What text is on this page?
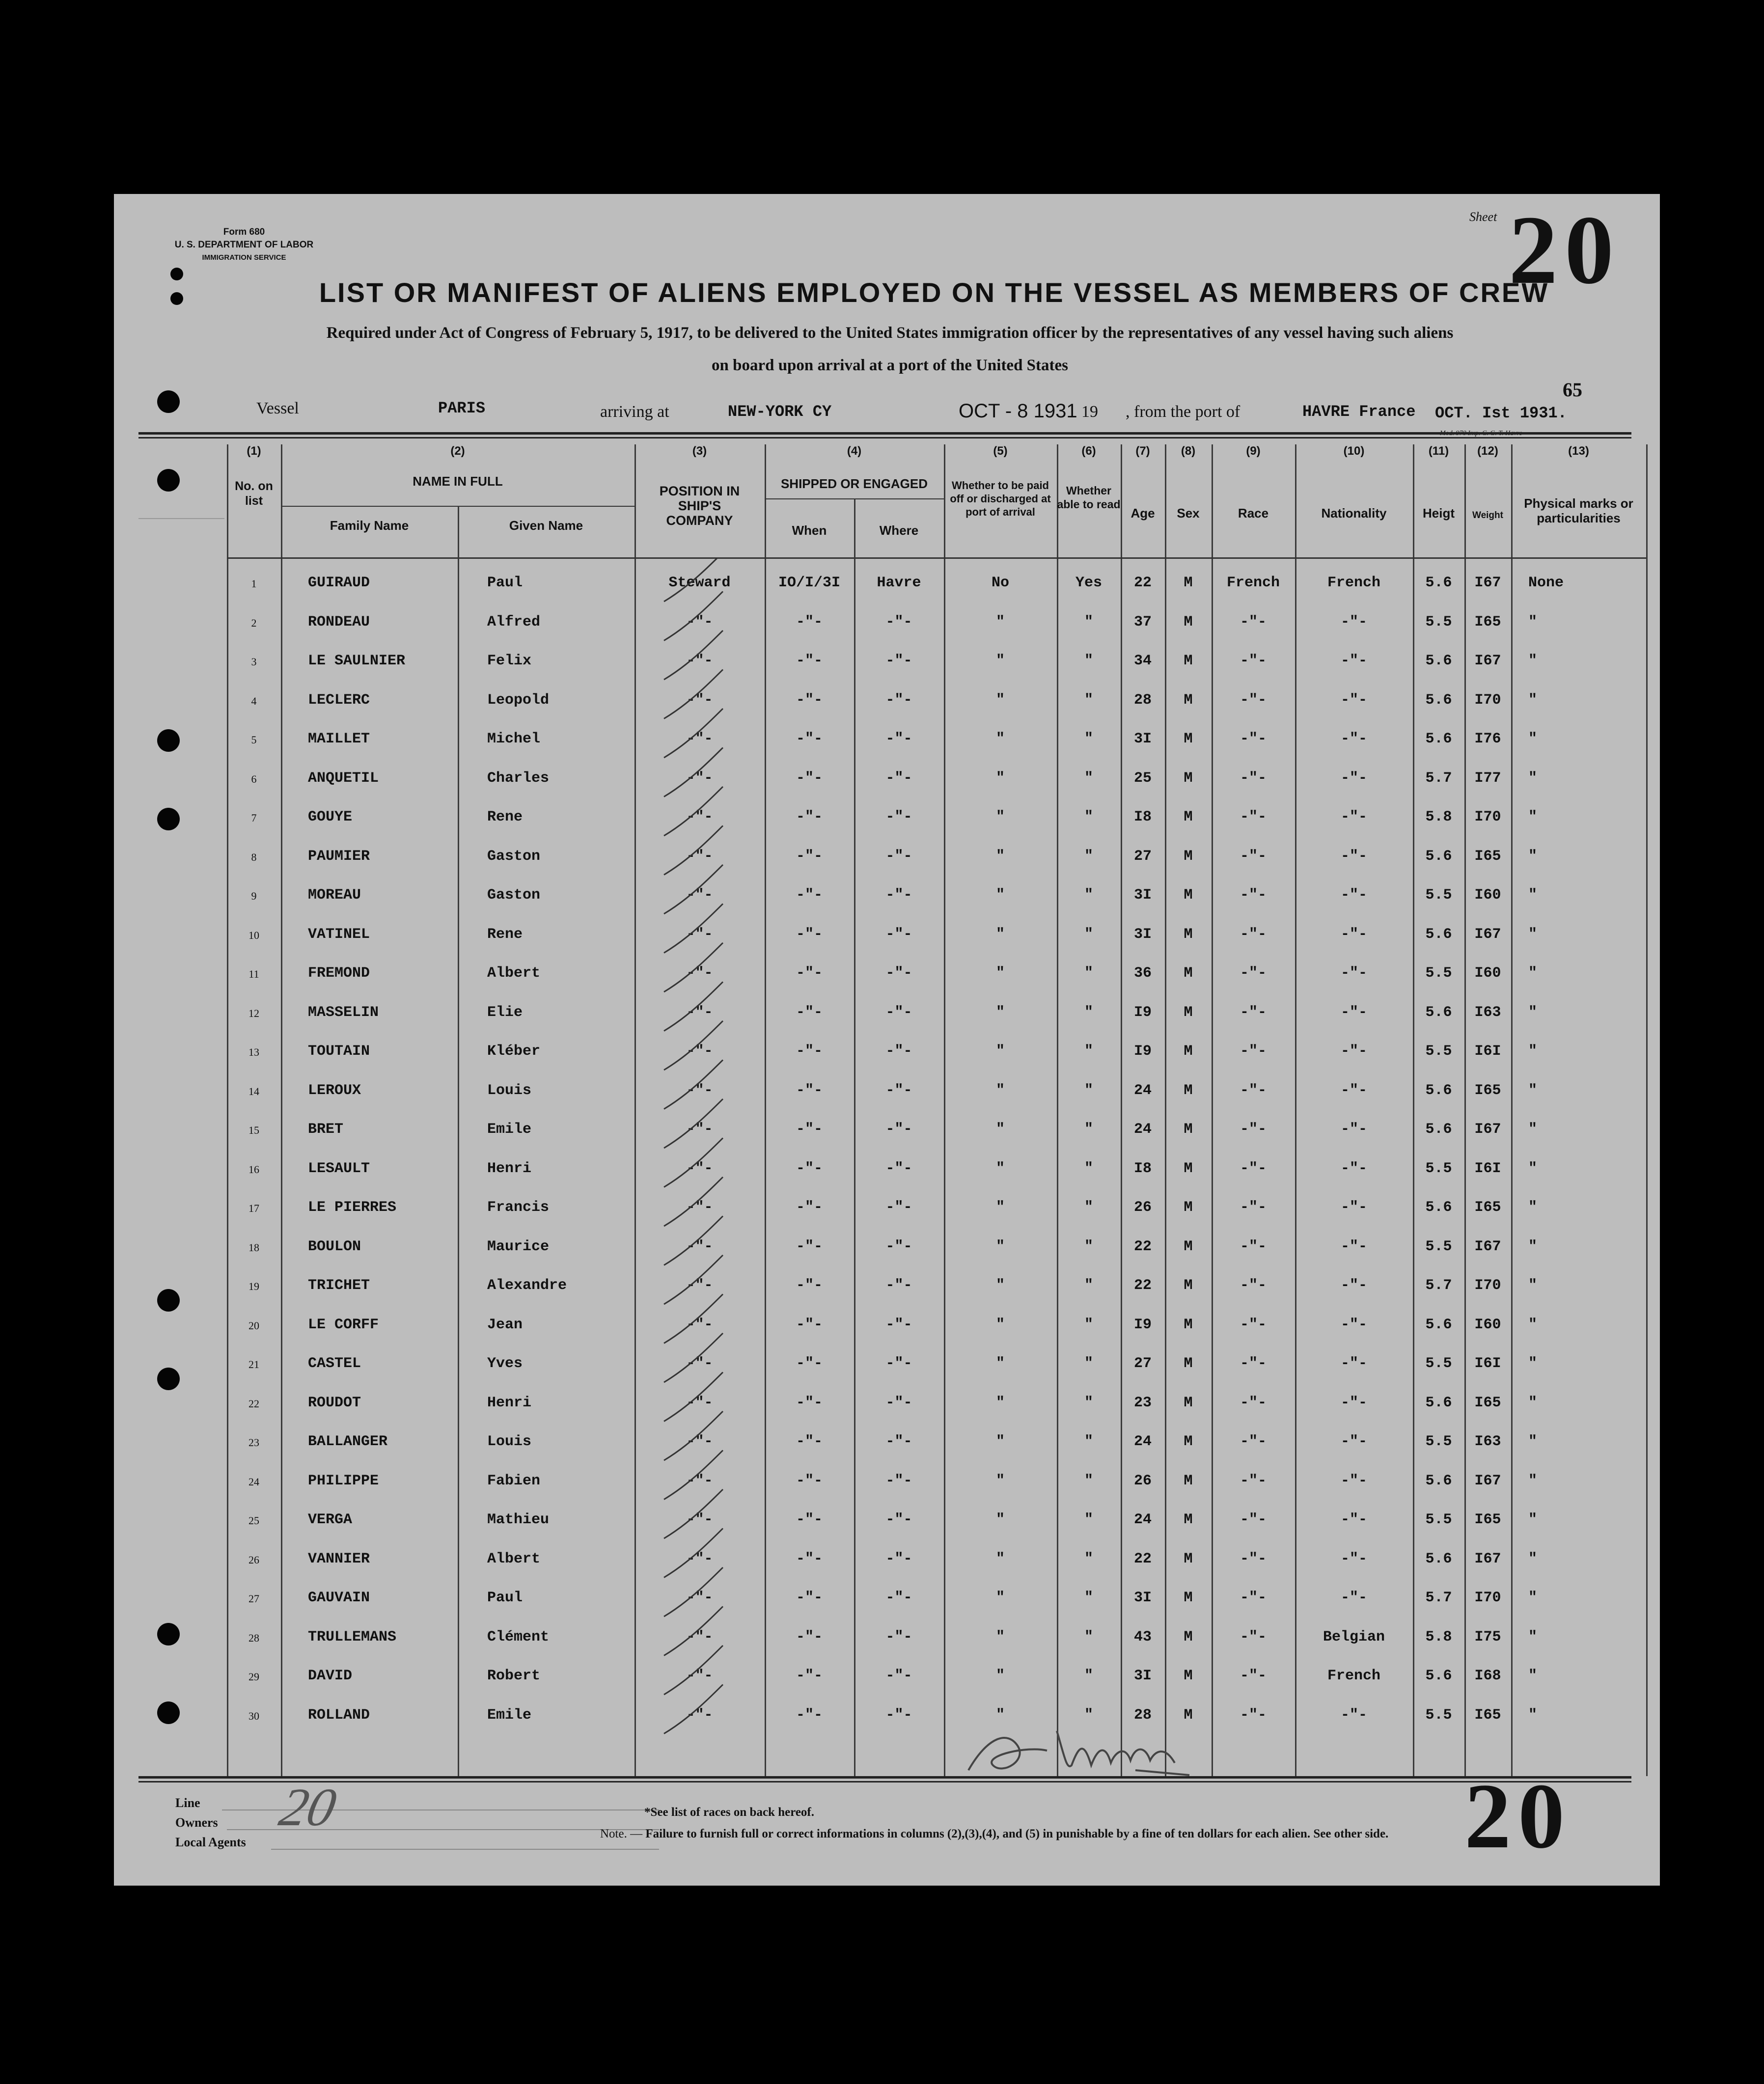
Form 680
U. S. DEPARTMENT OF LABOR
IMMIGRATION SERVICE
LIST OR MANIFEST OF ALIENS EMPLOYED ON THE VESSEL AS MEMBERS OF CREW
Sheet 20
Required under Act of Congress of February 5, 1917, to be delivered to the United States immigration officer by the representatives of any vessel having such aliens
on board upon arrival at a port of the United States
Vessel	PARIS	arriving at	NEW-YORK CY	OCT - 8 1931 19 , from the port of	HAVRE France OCT. Ist 1931.
65
(1)
No. on list
(2)
NAME IN FULL
Family Name	Given Name
(3)
POSITION IN SHIP'S COMPANY
(4)
SHIPPED OR ENGAGED
When	Where
(5)
Whether to be paid off or discharged at port of arrival
(6)
Whether able to read
(7)
Age
(8)
Sex
(9)
Race
(10)
Nationality
(11)
Heigt
(12)
Weight
(13)
Physical marks or particularities
1	GUIRAUD	Paul	Steward	IO/I/3I	Havre	No	Yes	22	M	French	French	5.6	I67	None
2	RONDEAU	Alfred	-"-	-"-	-"-	"	"	37	M	-"-	-"-	5.5	I65	"
3	LE SAULNIER	Felix	-"-	-"-	-"-	"	"	34	M	-"-	-"-	5.6	I67	"
4	LECLERC	Leopold	-"-	-"-	-"-	"	"	28	M	-"-	-"-	5.6	I70	"
5	MAILLET	Michel	-"-	-"-	-"-	"	"	3I	M	-"-	-"-	5.6	I76	"
6	ANQUETIL	Charles	-"-	-"-	-"-	"	"	25	M	-"-	-"-	5.7	I77	"
7	GOUYE	Rene	-"-	-"-	-"-	"	"	I8	M	-"-	-"-	5.8	I70	"
8	PAUMIER	Gaston	-"-	-"-	-"-	"	"	27	M	-"-	-"-	5.6	I65	"
9	MOREAU	Gaston	-"-	-"-	-"-	"	"	3I	M	-"-	-"-	5.5	I60	"
10	VATINEL	Rene	-"-	-"-	-"-	"	"	3I	M	-"-	-"-	5.6	I67	"
11	FREMOND	Albert	-"-	-"-	-"-	"	"	36	M	-"-	-"-	5.5	I60	"
12	MASSELIN	Elie	-"-	-"-	-"-	"	"	I9	M	-"-	-"-	5.6	I63	"
13	TOUTAIN	Kléber	-"-	-"-	-"-	"	"	I9	M	-"-	-"-	5.5	I6I	"
14	LEROUX	Louis	-"-	-"-	-"-	"	"	24	M	-"-	-"-	5.6	I65	"
15	BRET	Emile	-"-	-"-	-"-	"	"	24	M	-"-	-"-	5.6	I67	"
16	LESAULT	Henri	-"-	-"-	-"-	"	"	I8	M	-"-	-"-	5.5	I6I	"
17	LE PIERRES	Francis	-"-	-"-	-"-	"	"	26	M	-"-	-"-	5.6	I65	"
18	BOULON	Maurice	-"-	-"-	-"-	"	"	22	M	-"-	-"-	5.5	I67	"
19	TRICHET	Alexandre	-"-	-"-	-"-	"	"	22	M	-"-	-"-	5.7	I70	"
20	LE CORFF	Jean	-"-	-"-	-"-	"	"	I9	M	-"-	-"-	5.6	I60	"
21	CASTEL	Yves	-"-	-"-	-"-	"	"	27	M	-"-	-"-	5.5	I6I	"
22	ROUDOT	Henri	-"-	-"-	-"-	"	"	23	M	-"-	-"-	5.6	I65	"
23	BALLANGER	Louis	-"-	-"-	-"-	"	"	24	M	-"-	-"-	5.5	I63	"
24	PHILIPPE	Fabien	-"-	-"-	-"-	"	"	26	M	-"-	-"-	5.6	I67	"
25	VERGA	Mathieu	-"-	-"-	-"-	"	"	24	M	-"-	-"-	5.5	I65	"
26	VANNIER	Albert	-"-	-"-	-"-	"	"	22	M	-"-	-"-	5.6	I67	"
27	GAUVAIN	Paul	-"-	-"-	-"-	"	"	3I	M	-"-	-"-	5.7	I70	"
28	TRULLEMANS	Clément	-"-	-"-	-"-	"	"	43	M	-"-	Belgian	5.8	I75	"
29	DAVID	Robert	-"-	-"-	-"-	"	"	3I	M	-"-	French	5.6	I68	"
30	ROLLAND	Emile	-"-	-"-	-"-	"	"	28	M	-"-	-"-	5.5	I65	"
Line
Owners
Local Agents
20	*See list of races on back hereof.
Note. — Failure to furnish full or correct informations in columns (2),(3),(4), and (5) in punishable by a fine of ten dollars for each alien. See other side. 20
